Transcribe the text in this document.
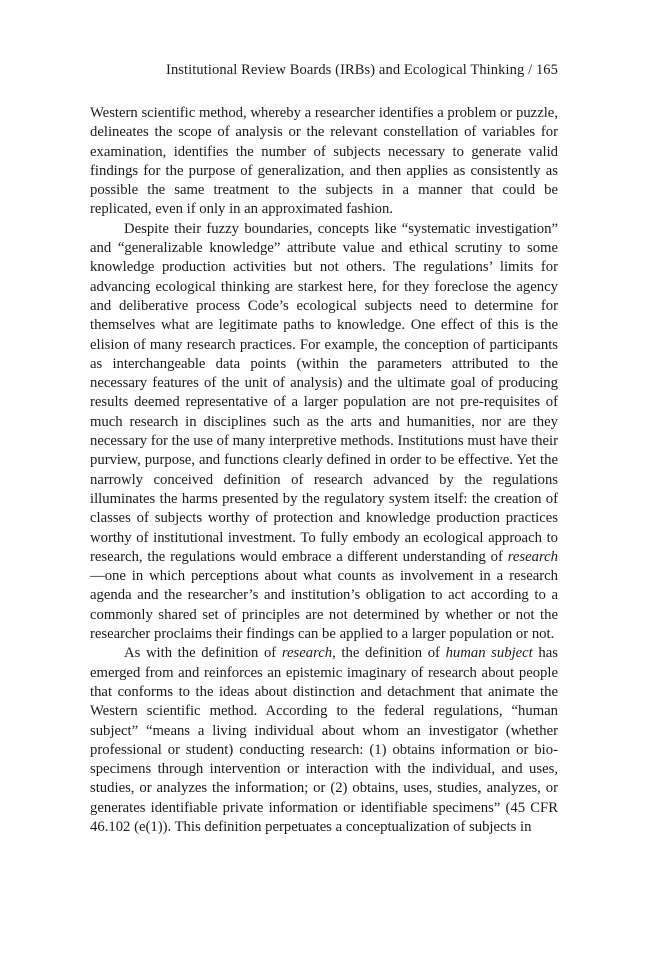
Institutional Review Boards (IRBs) and Ecological Thinking / 165

Western scientific method, whereby a researcher identifies a problem or puzzle, delineates the scope of analysis or the relevant constellation of variables for examination, identifies the number of subjects necessary to generate valid findings for the purpose of generalization, and then applies as consistently as possible the same treatment to the subjects in a manner that could be replicated, even if only in an approximated fashion.

Despite their fuzzy boundaries, concepts like “systematic investigation” and “generalizable knowledge” attribute value and ethical scrutiny to some knowledge production activities but not others. The regulations’ limits for advancing ecological thinking are starkest here, for they foreclose the agency and deliberative process Code’s ecological subjects need to determine for themselves what are legitimate paths to knowledge. One effect of this is the elision of many research practices. For example, the conception of participants as interchangeable data points (within the parameters attributed to the necessary features of the unit of analysis) and the ultimate goal of producing results deemed representative of a larger population are not pre-requisites of much research in disciplines such as the arts and humanities, nor are they necessary for the use of many interpretive methods. Institutions must have their purview, purpose, and functions clearly defined in order to be effective. Yet the narrowly conceived definition of research advanced by the regulations illuminates the harms presented by the regulatory system itself: the creation of classes of subjects worthy of protection and knowledge production practices worthy of institutional investment. To fully embody an ecological approach to research, the regulations would embrace a different understanding of research—one in which perceptions about what counts as involvement in a research agenda and the researcher’s and institution’s obligation to act according to a commonly shared set of principles are not determined by whether or not the researcher proclaims their findings can be applied to a larger population or not.

As with the definition of research, the definition of human subject has emerged from and reinforces an epistemic imaginary of research about people that conforms to the ideas about distinction and detachment that animate the Western scientific method. According to the federal regulations, “human subject” “means a living individual about whom an investigator (whether professional or student) conducting research: (1) obtains information or bio-specimens through intervention or interaction with the individual, and uses, studies, or analyzes the information; or (2) obtains, uses, studies, analyzes, or generates identifiable private information or identifiable specimens” (45 CFR 46.102 (e(1)). This definition perpetuates a conceptualization of subjects in
